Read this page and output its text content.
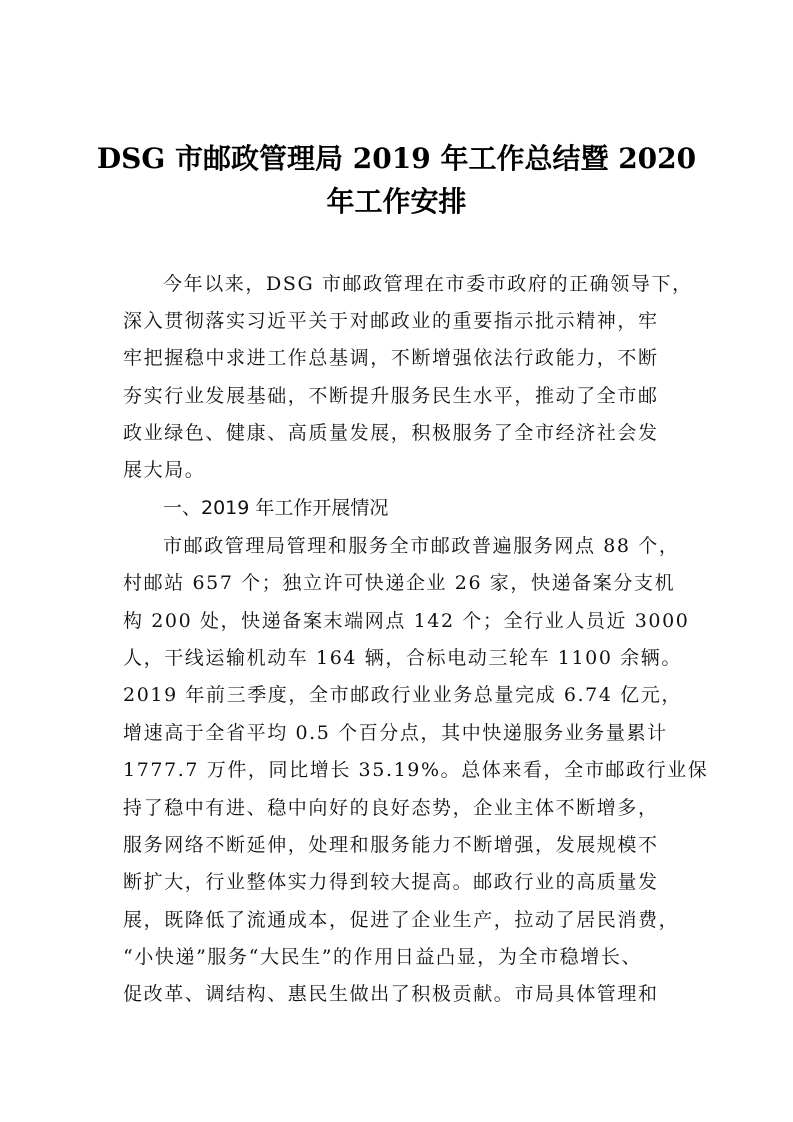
DSG 市邮政管理局 2019 年工作总结暨 2020
年工作安排
今年以来，DSG 市邮政管理在市委市政府的正确领导下，
深入贯彻落实习近平关于对邮政业的重要指示批示精神，牢
牢把握稳中求进工作总基调，不断增强依法行政能力，不断
夯实行业发展基础，不断提升服务民生水平，推动了全市邮
政业绿色、健康、高质量发展，积极服务了全市经济社会发
展大局。
一、2019 年工作开展情况
市邮政管理局管理和服务全市邮政普遍服务网点 88 个，
村邮站 657 个；独立许可快递企业 26 家，快递备案分支机
构 200 处，快递备案末端网点 142 个；全行业人员近 3000
人，干线运输机动车 164 辆，合标电动三轮车 1100 余辆。
2019 年前三季度，全市邮政行业业务总量完成 6.74 亿元，
增速高于全省平均 0.5 个百分点，其中快递服务业务量累计
1777.7 万件，同比增长 35.19%。总体来看，全市邮政行业保
持了稳中有进、稳中向好的良好态势，企业主体不断增多，
服务网络不断延伸，处理和服务能力不断增强，发展规模不
断扩大，行业整体实力得到较大提高。邮政行业的高质量发
展，既降低了流通成本，促进了企业生产，拉动了居民消费，
“小快递”服务“大民生”的作用日益凸显，为全市稳增长、
促改革、调结构、惠民生做出了积极贡献。市局具体管理和
